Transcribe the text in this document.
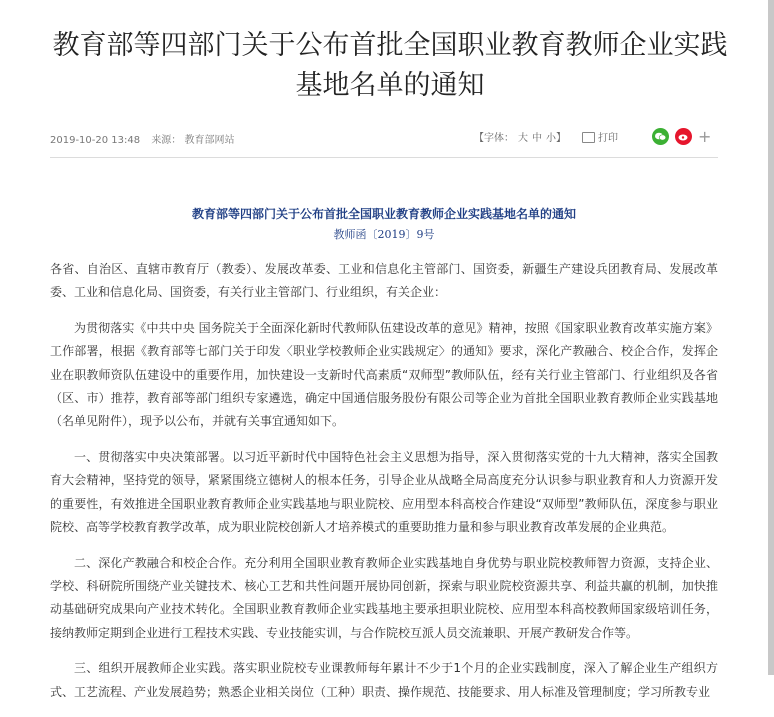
教育部等四部门关于公布首批全国职业教育教师企业实践基地名单的通知
2019-10-20 13:48 来源： 教育部网站	【字体： 大 中 小】	打印	+
教育部等四部门关于公布首批全国职业教育教师企业实践基地名单的通知
教师函〔2019〕9号

各省、自治区、直辖市教育厅（教委）、发展改革委、工业和信息化主管部门、国资委，新疆生产建设兵团教育局、发展改革委、工业和信息化局、国资委，有关行业主管部门、行业组织，有关企业：

为贯彻落实《中共中央 国务院关于全面深化新时代教师队伍建设改革的意见》精神，按照《国家职业教育改革实施方案》工作部署，根据《教育部等七部门关于印发〈职业学校教师企业实践规定〉的通知》要求，深化产教融合、校企合作，发挥企业在职教师资队伍建设中的重要作用，加快建设一支新时代高素质“双师型”教师队伍，经有关行业主管部门、行业组织及各省（区、市）推荐，教育部等部门组织专家遴选，确定中国通信服务股份有限公司等企业为首批全国职业教育教师企业实践基地（名单见附件），现予以公布，并就有关事宜通知如下。

一、贯彻落实中央决策部署。以习近平新时代中国特色社会主义思想为指导，深入贯彻落实党的十九大精神，落实全国教育大会精神，坚持党的领导，紧紧围绕立德树人的根本任务，引导企业从战略全局高度充分认识参与职业教育和人力资源开发的重要性，有效推进全国职业教育教师企业实践基地与职业院校、应用型本科高校合作建设“双师型”教师队伍，深度参与职业院校、高等学校教育教学改革，成为职业院校创新人才培养模式的重要助推力量和参与职业教育改革发展的企业典范。

二、深化产教融合和校企合作。充分利用全国职业教育教师企业实践基地自身优势与职业院校教师智力资源，支持企业、学校、科研院所围绕产业关键技术、核心工艺和共性问题开展协同创新，探索与职业院校资源共享、利益共赢的机制，加快推动基础研究成果向产业技术转化。全国职业教育教师企业实践基地主要承担职业院校、应用型本科高校教师国家级培训任务，接纳教师定期到企业进行工程技术实践、专业技能实训，与合作院校互派人员交流兼职、开展产教研发合作等。

三、组织开展教师企业实践。落实职业院校专业课教师每年累计不少于1个月的企业实践制度，深入了解企业生产组织方式、工艺流程、产业发展趋势；熟悉企业相关岗位（工种）职责、操作规范、技能要求、用人标准及管理制度；学习所教专业
